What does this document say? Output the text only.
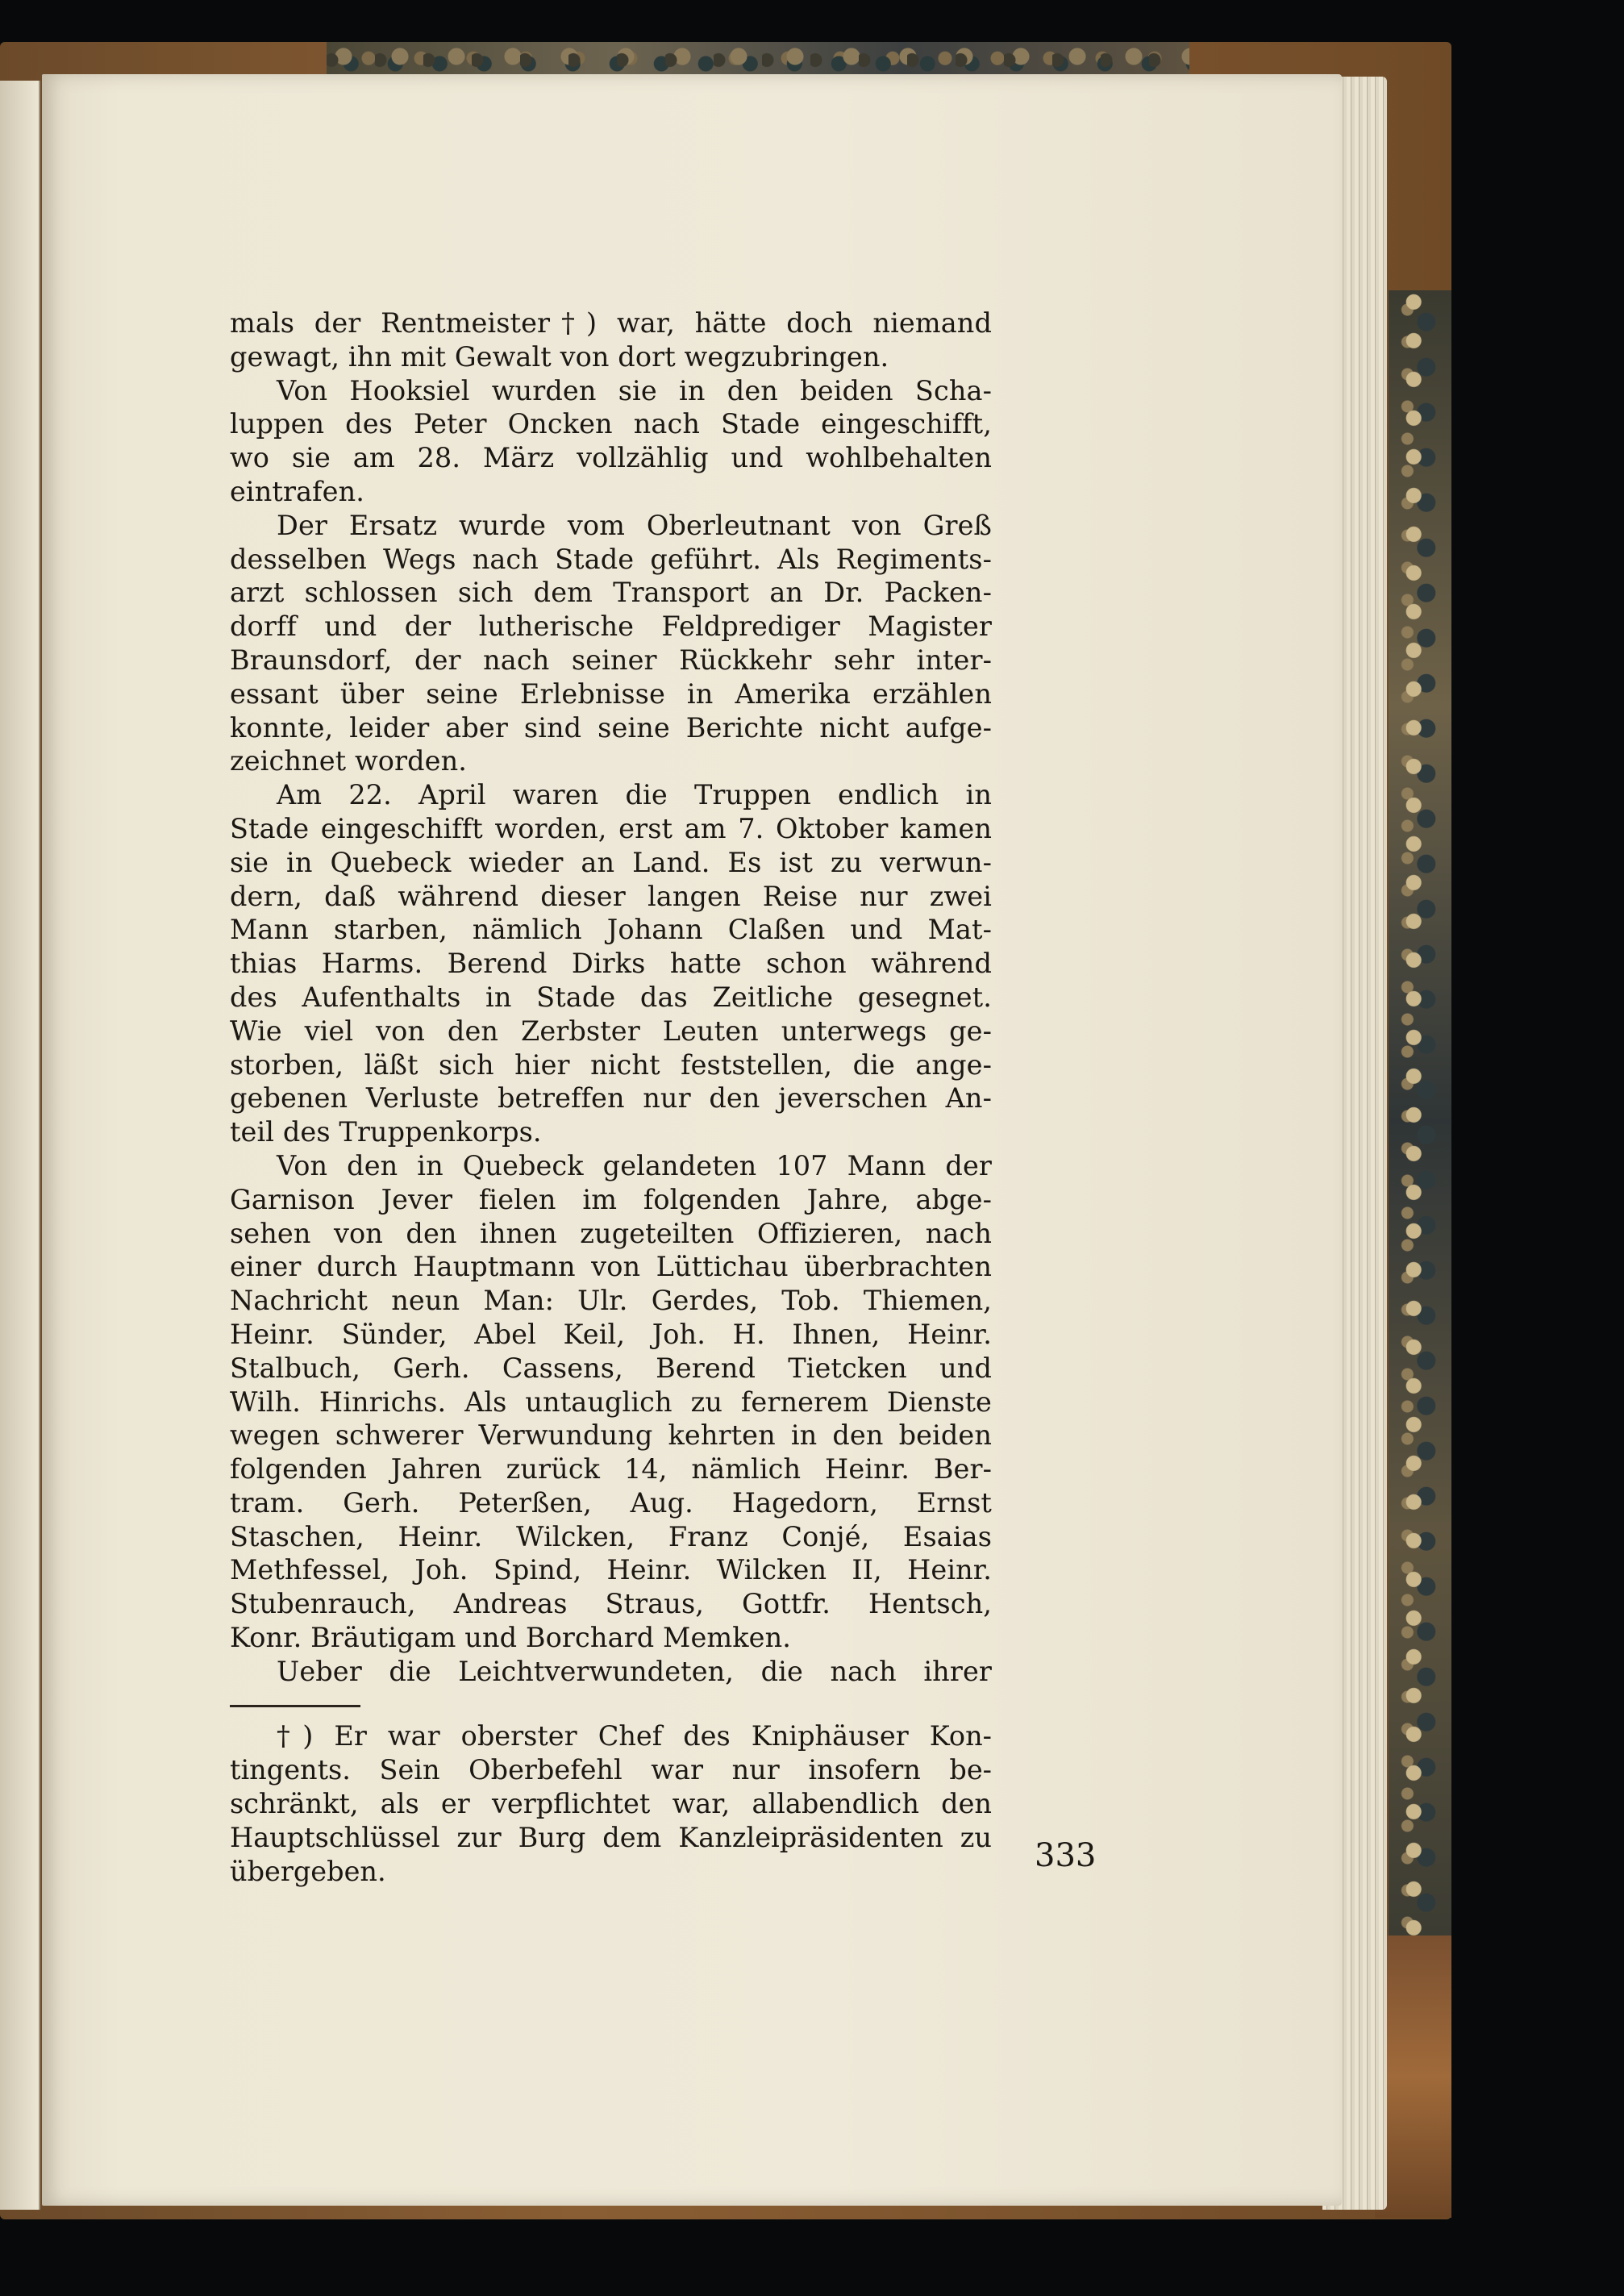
mals der Rentmeister†) war, hätte doch niemand
gewagt, ihn mit Gewalt von dort wegzubringen.
Von Hooksiel wurden sie in den beiden Scha-
luppen des Peter Oncken nach Stade eingeschifft,
wo sie am 28. März vollzählig und wohlbehalten
eintrafen.
Der Ersatz wurde vom Oberleutnant von Greß
desselben Wegs nach Stade geführt. Als Regiments-
arzt schlossen sich dem Transport an Dr. Packen-
dorff und der lutherische Feldprediger Magister
Braunsdorf, der nach seiner Rückkehr sehr inter-
essant über seine Erlebnisse in Amerika erzählen
konnte, leider aber sind seine Berichte nicht aufge-
zeichnet worden.
Am 22. April waren die Truppen endlich in
Stade eingeschifft worden, erst am 7. Oktober kamen
sie in Quebeck wieder an Land. Es ist zu verwun-
dern, daß während dieser langen Reise nur zwei
Mann starben, nämlich Johann Claßen und Mat-
thias Harms. Berend Dirks hatte schon während
des Aufenthalts in Stade das Zeitliche gesegnet.
Wie viel von den Zerbster Leuten unterwegs ge-
storben, läßt sich hier nicht feststellen, die ange-
gebenen Verluste betreffen nur den jeverschen An-
teil des Truppenkorps.
Von den in Quebeck gelandeten 107 Mann der
Garnison Jever fielen im folgenden Jahre, abge-
sehen von den ihnen zugeteilten Offizieren, nach
einer durch Hauptmann von Lüttichau überbrachten
Nachricht neun Man: Ulr. Gerdes, Tob. Thiemen,
Heinr. Sünder, Abel Keil, Joh. H. Ihnen, Heinr.
Stalbuch, Gerh. Cassens, Berend Tietcken und
Wilh. Hinrichs. Als untauglich zu fernerem Dienste
wegen schwerer Verwundung kehrten in den beiden
folgenden Jahren zurück 14, nämlich Heinr. Ber-
tram. Gerh. Peterßen, Aug. Hagedorn, Ernst
Staschen, Heinr. Wilcken, Franz Conjé, Esaias
Methfessel, Joh. Spind, Heinr. Wilcken II, Heinr.
Stubenrauch, Andreas Straus, Gottfr. Hentsch,
Konr. Bräutigam und Borchard Memken.
Ueber die Leichtverwundeten, die nach ihrer
†) Er war oberster Chef des Kniphäuser Kon-
tingents. Sein Oberbefehl war nur insofern be-
schränkt, als er verpflichtet war, allabendlich den
Hauptschlüssel zur Burg dem Kanzleipräsidenten zu
übergeben.	333
